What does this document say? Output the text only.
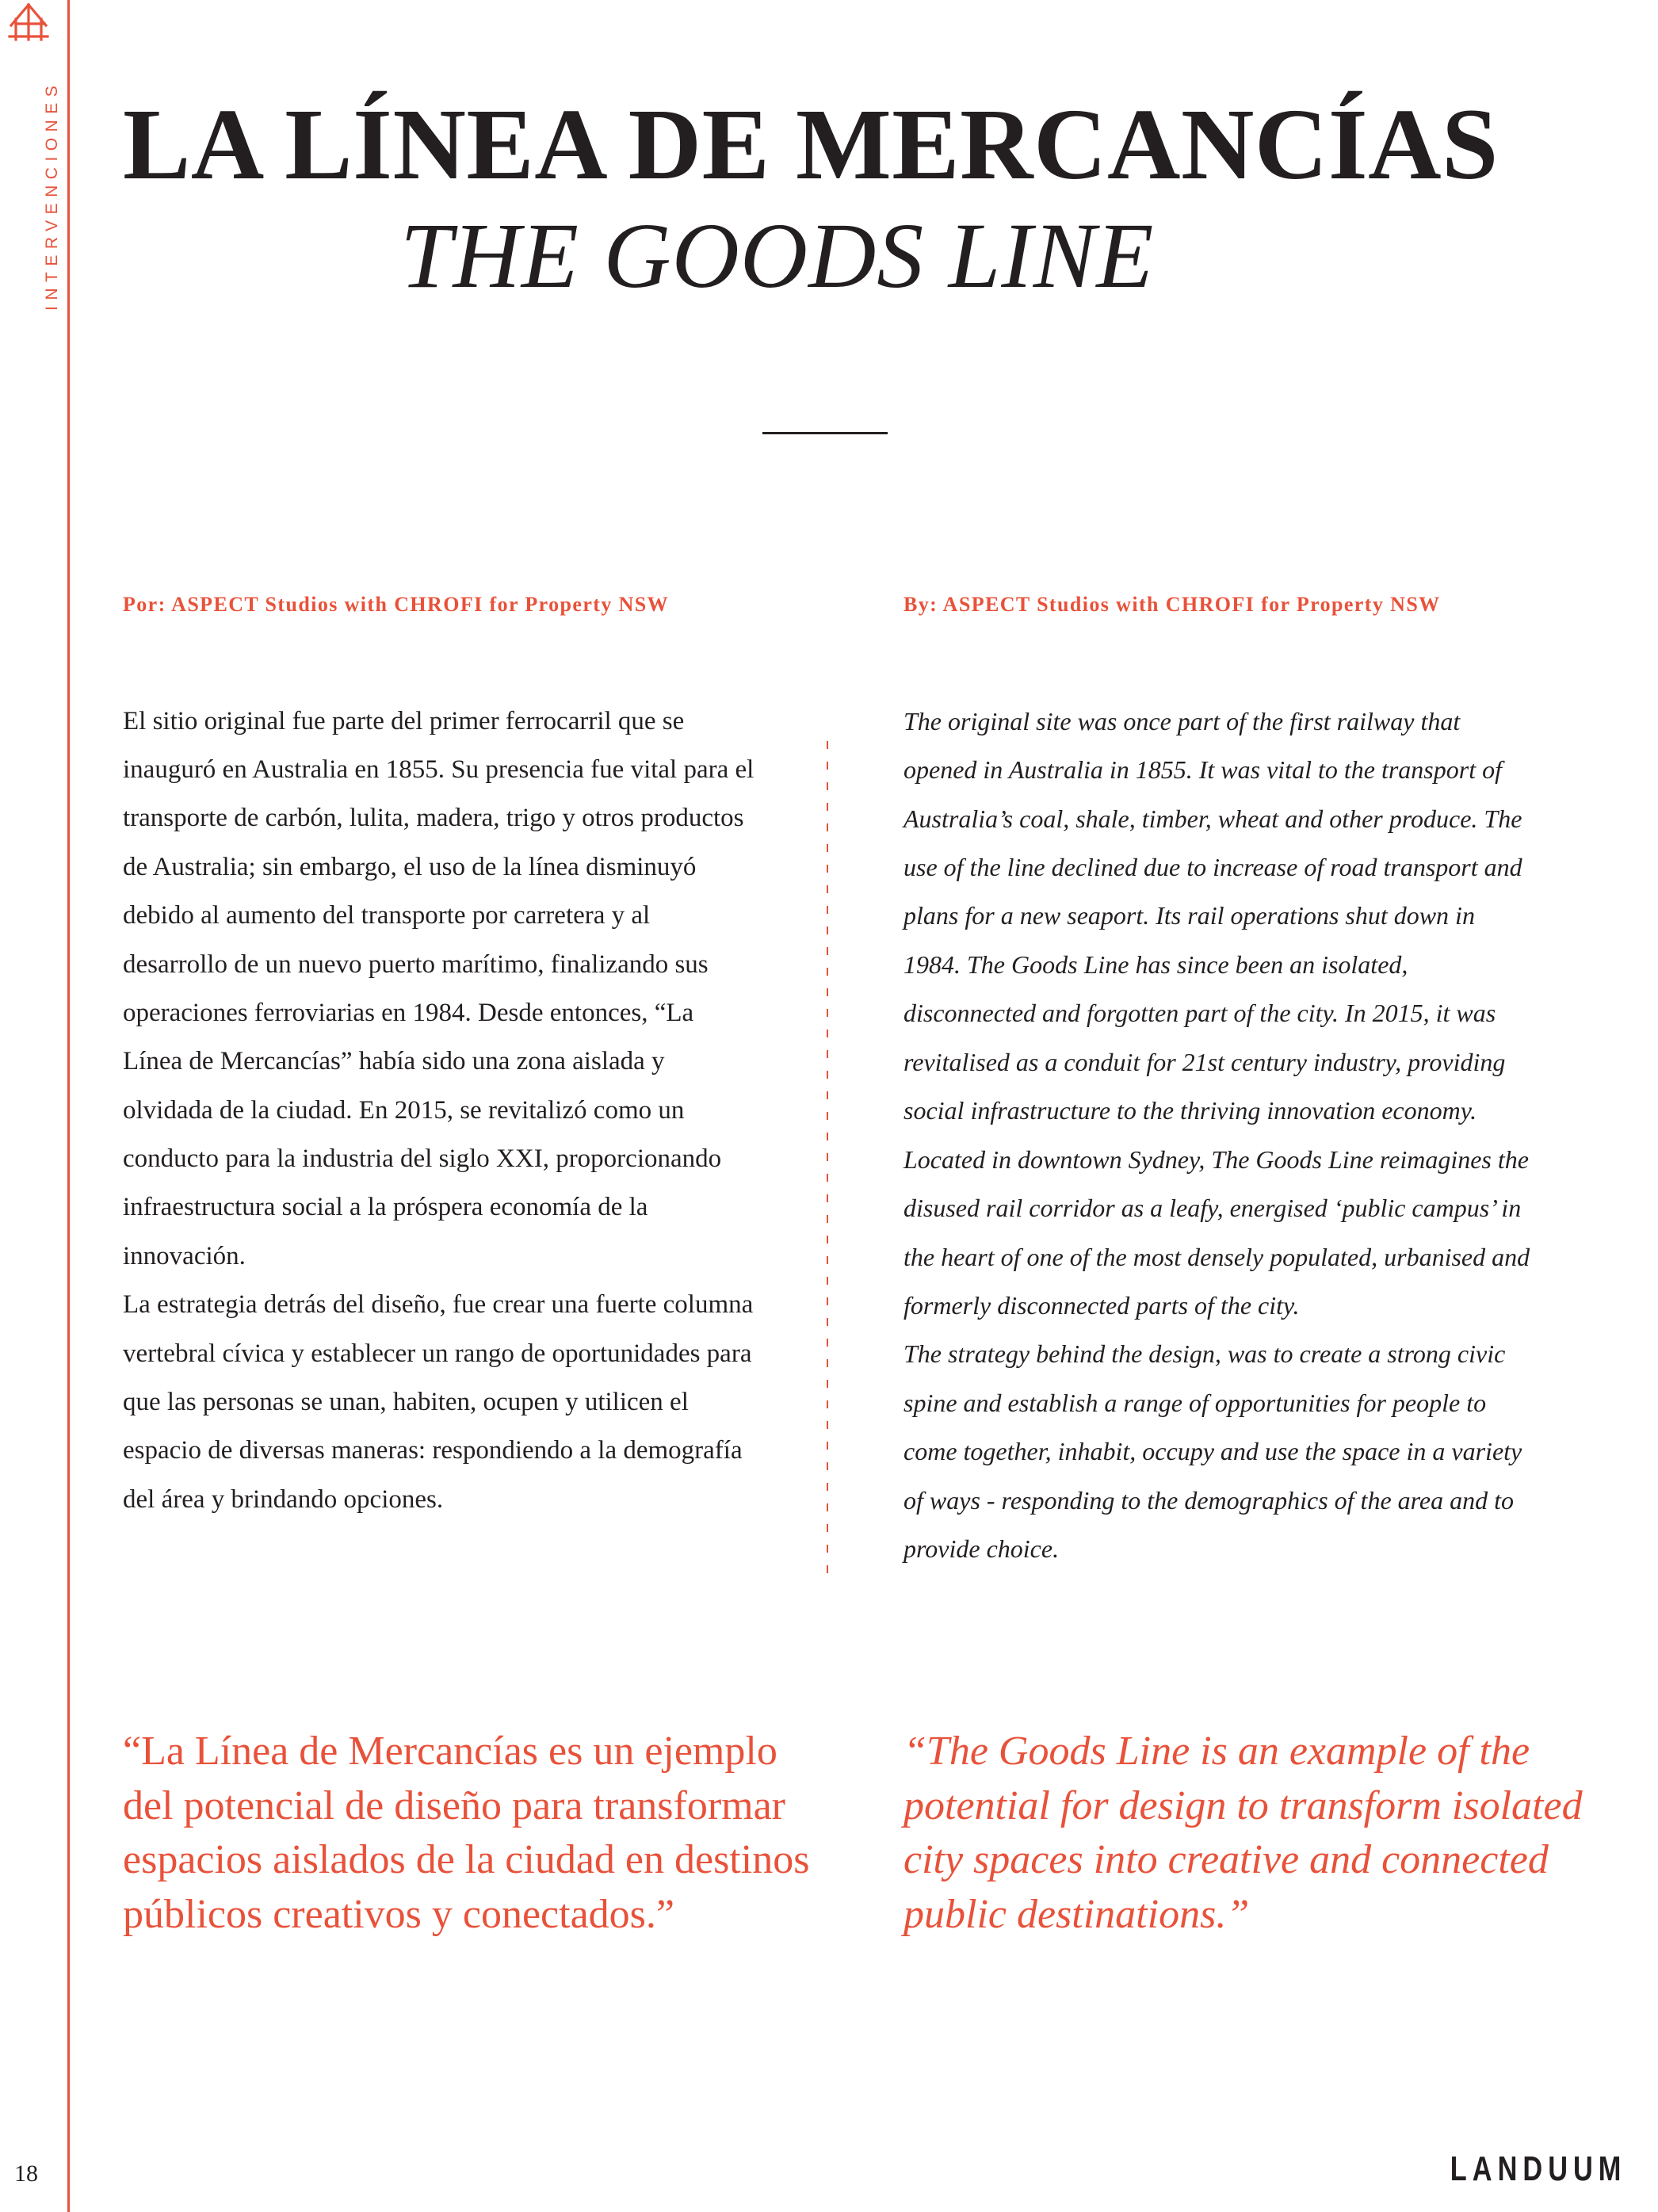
INTERVENCIONES LA LÍNEA DE MERCANCÍAS
THE GOODS LINE
Por: ASPECT Studios with CHROFI for Property NSW

El sitio original fue parte del primer ferrocarril que se inauguró en Australia en 1855. Su presencia fue vital para el transporte de carbón, lulita, madera, trigo y otros productos de Australia; sin embargo, el uso de la línea disminuyó debido al aumento del transporte por carretera y al desarrollo de un nuevo puerto marítimo, finalizando sus operaciones ferroviarias en 1984. Desde entonces, “La Línea de Mercancías” había sido una zona aislada y olvidada de la ciudad. En 2015, se revitalizó como un conducto para la industria del siglo XXI, proporcionando infraestructura social a la próspera economía de la innovación.

La estrategia detrás del diseño, fue crear una fuerte columna vertebral cívica y establecer un rango de oportunidades para que las personas se unan, habiten, ocupen y utilicen el espacio de diversas maneras: respondiendo a la demografía del área y brindando opciones.

By: ASPECT Studios with CHROFI for Property NSW

The original site was once part of the first railway that opened in Australia in 1855. It was vital to the transport of Australia’s coal, shale, timber, wheat and other produce. The use of the line declined due to increase of road transport and plans for a new seaport. Its rail operations shut down in 1984. The Goods Line has since been an isolated, disconnected and forgotten part of the city. In 2015, it was revitalised as a conduit for 21st century industry, providing social infrastructure to the thriving innovation economy. Located in downtown Sydney, The Goods Line reimagines the disused rail corridor as a leafy, energised ‘public campus’ in the heart of one of the most densely populated, urbanised and formerly disconnected parts of the city.

The strategy behind the design, was to create a strong civic spine and establish a range of opportunities for people to come together, inhabit, occupy and use the space in a variety of ways - responding to the demographics of the area and to provide choice.

“La Línea de Mercancías es un ejemplo del potencial de diseño para transformar espacios aislados de la ciudad en destinos públicos creativos y conectados.”
“The Goods Line is an example of the potential for design to transform isolated city spaces into creative and connected public destinations.”
18	LANDUUM
